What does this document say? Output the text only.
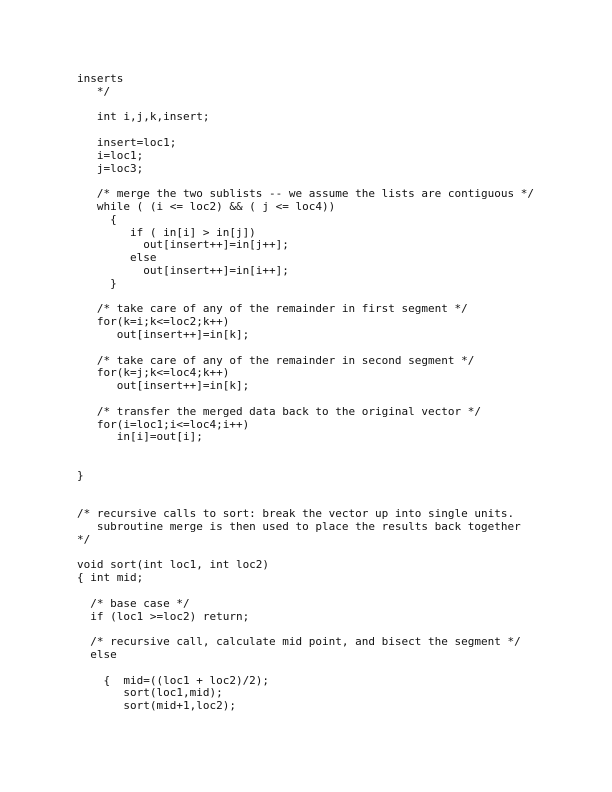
inserts
*/
int i,j,k,insert;
insert=loc1;
i=loc1;
j=loc3;
/* merge the two sublists -- we assume the lists are contiguous */
while ( (i <= loc2) && ( j <= loc4))
{
if ( in[i] > in[j])
out[insert++]=in[j++];
else
out[insert++]=in[i++];
}
/* take care of any of the remainder in first segment */
for(k=i;k<=loc2;k++)
out[insert++]=in[k];
/* take care of any of the remainder in second segment */
for(k=j;k<=loc4;k++)
out[insert++]=in[k];
/* transfer the merged data back to the original vector */
for(i=loc1;i<=loc4;i++)
in[i]=out[i];
}
/* recursive calls to sort: break the vector up into single units.
subroutine merge is then used to place the results back together
*/
void sort(int loc1, int loc2)
{ int mid;
/* base case */
if (loc1 >=loc2) return;
/* recursive call, calculate mid point, and bisect the segment */
else
{  mid=((loc1 + loc2)/2);
sort(loc1,mid);
sort(mid+1,loc2);
